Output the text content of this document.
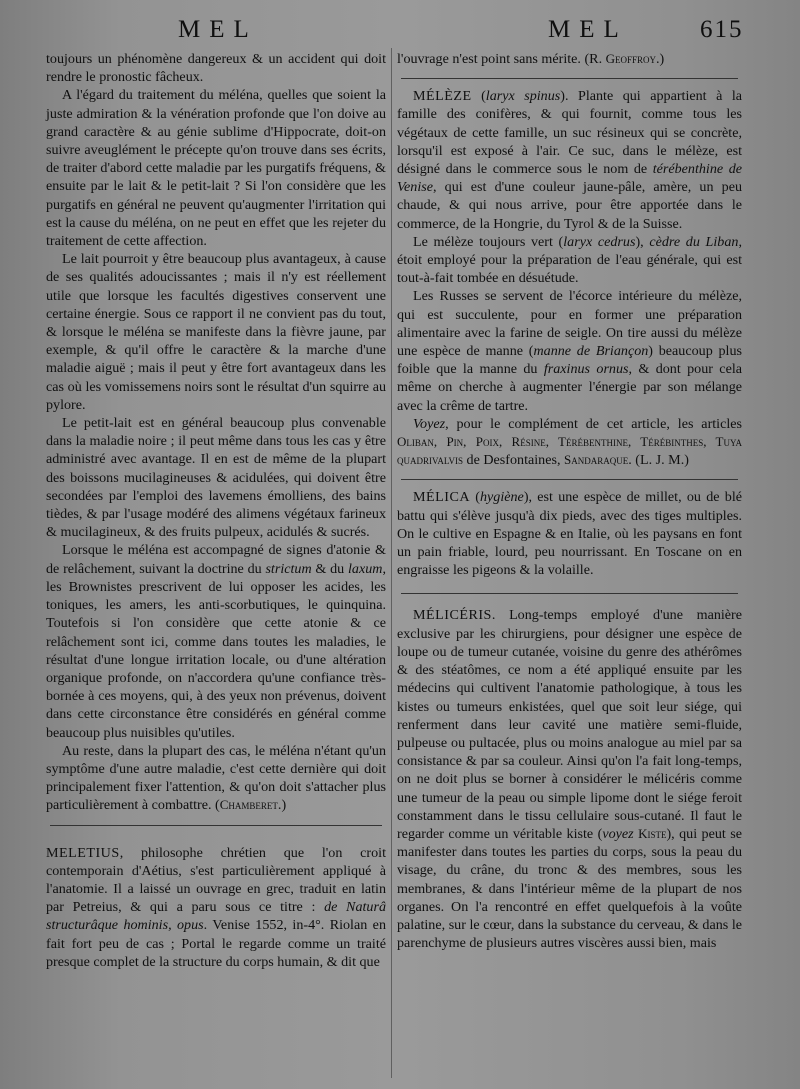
MEL	MEL	615

toujours un phénomène dangereux & un accident qui doit rendre le pronostic fâcheux.

A l'égard du traitement du méléna, quelles que soient la juste admiration & la vénération profonde que l'on doive au grand caractère & au génie sublime d'Hippocrate, doit-on suivre aveuglément le précepte qu'on trouve dans ses écrits, de traiter d'abord cette maladie par les purgatifs fréquens, & ensuite par le lait & le petit-lait ? Si l'on considère que les purgatifs en général ne peuvent qu'augmenter l'irritation qui est la cause du méléna, on ne peut en effet que les rejeter du traitement de cette affection.

Le lait pourroit y être beaucoup plus avantageux, à cause de ses qualités adoucissantes ; mais il n'y est réellement utile que lorsque les facultés digestives conservent une certaine énergie. Sous ce rapport il ne convient pas du tout, & lorsque le méléna se manifeste dans la fièvre jaune, par exemple, & qu'il offre le caractère & la marche d'une maladie aiguë ; mais il peut y être fort avantageux dans les cas où les vomissemens noirs sont le résultat d'un squirre au pylore.

Le petit-lait est en général beaucoup plus convenable dans la maladie noire ; il peut même dans tous les cas y être administré avec avantage. Il en est de même de la plupart des boissons mucilagineuses & acidulées, qui doivent être secondées par l'emploi des lavemens émolliens, des bains tièdes, & par l'usage modéré des alimens végétaux farineux & mucilagineux, & des fruits pulpeux, acidulés & sucrés.

Lorsque le méléna est accompagné de signes d'atonie & de relâchement, suivant la doctrine du strictum & du laxum, les Brownistes prescrivent de lui opposer les acides, les toniques, les amers, les anti-scorbutiques, le quinquina. Toutefois si l'on considère que cette atonie & ce relâchement sont ici, comme dans toutes les maladies, le résultat d'une longue irritation locale, ou d'une altération organique profonde, on n'accordera qu'une confiance très-bornée à ces moyens, qui, à des yeux non prévenus, doivent dans cette circonstance être considérés en général comme beaucoup plus nuisibles qu'utiles.

Au reste, dans la plupart des cas, le méléna n'étant qu'un symptôme d'une autre maladie, c'est cette dernière qui doit principalement fixer l'attention, & qu'on doit s'attacher plus particulièrement à combattre. (Chamberet.)

MELETIUS, philosophe chrétien que l'on croit contemporain d'Aétius, s'est particulièrement appliqué à l'anatomie. Il a laissé un ouvrage en grec, traduit en latin par Petreius, & qui a paru sous ce titre : de Naturâ structurâque hominis, opus. Venise 1552, in-4°. Riolan en fait fort peu de cas ; Portal le regarde comme un traité presque complet de la structure du corps humain, & dit que

l'ouvrage n'est point sans mérite. (R. Geoffroy.)

MÉLÈZE (laryx spinus). Plante qui appartient à la famille des conifères, & qui fournit, comme tous les végétaux de cette famille, un suc résineux qui se concrète, lorsqu'il est exposé à l'air. Ce suc, dans le mélèze, est désigné dans le commerce sous le nom de térébenthine de Venise, qui est d'une couleur jaune-pâle, amère, un peu chaude, & qui nous arrive, pour être apportée dans le commerce, de la Hongrie, du Tyrol & de la Suisse.

Le mélèze toujours vert (laryx cedrus), cèdre du Liban, étoit employé pour la préparation de l'eau générale, qui est tout-à-fait tombée en désuétude.

Les Russes se servent de l'écorce intérieure du mélèze, qui est succulente, pour en former une préparation alimentaire avec la farine de seigle. On tire aussi du mélèze une espèce de manne (manne de Briançon) beaucoup plus foible que la manne du fraxinus ornus, & dont pour cela même on cherche à augmenter l'énergie par son mélange avec la crême de tartre.

Voyez, pour le complément de cet article, les articles Oliban, Pin, Poix, Résine, Térébenthine, Térébinthes, Tuya quadrivalvis de Desfontaines, Sandaraque. (L. J. M.)

MÉLICA (hygiène), est une espèce de millet, ou de blé battu qui s'élève jusqu'à dix pieds, avec des tiges multiples. On le cultive en Espagne & en Italie, où les paysans en font un pain friable, lourd, peu nourrissant. En Toscane on en engraisse les pigeons & la volaille.

MÉLICÉRIS. Long-temps employé d'une manière exclusive par les chirurgiens, pour désigner une espèce de loupe ou de tumeur cutanée, voisine du genre des athérômes & des stéatômes, ce nom a été appliqué ensuite par les médecins qui cultivent l'anatomie pathologique, à tous les kistes ou tumeurs enkistées, quel que soit leur siége, qui renferment dans leur cavité une matière semi-fluide, pulpeuse ou pultacée, plus ou moins analogue au miel par sa consistance & par sa couleur. Ainsi qu'on l'a fait long-temps, on ne doit plus se borner à considérer le mélicéris comme une tumeur de la peau ou simple lipome dont le siége feroit constamment dans le tissu cellulaire sous-cutané. Il faut le regarder comme un véritable kiste (voyez Kiste), qui peut se manifester dans toutes les parties du corps, sous la peau du visage, du crâne, du tronc & des membres, sous les membranes, & dans l'intérieur même de la plupart de nos organes. On l'a rencontré en effet quelquefois à la voûte palatine, sur le cœur, dans la substance du cerveau, & dans le parenchyme de plusieurs autres viscères aussi bien, mais
